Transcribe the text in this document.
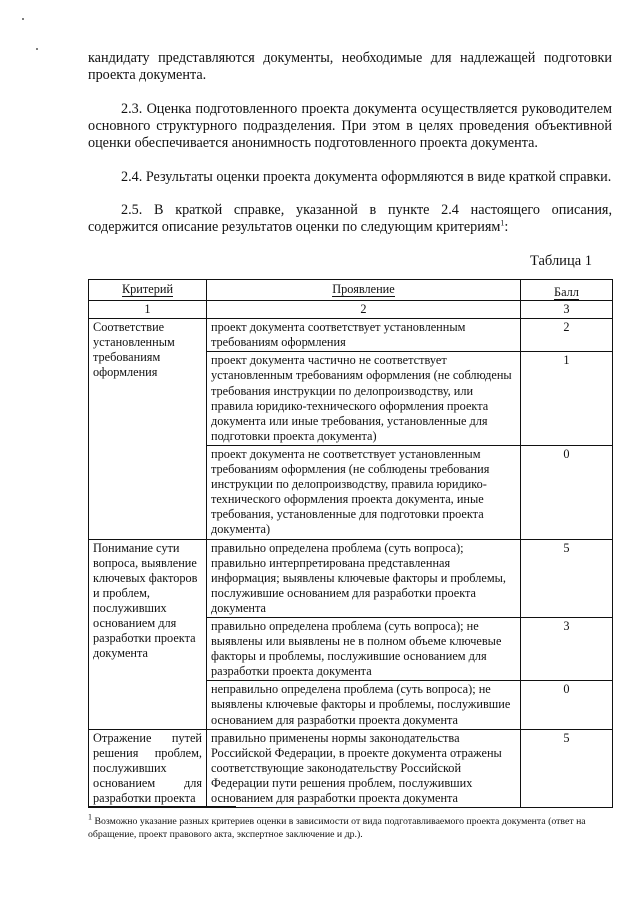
кандидату представляются документы, необходимые для надлежащей подготовки проекта документа.
2.3. Оценка подготовленного проекта документа осуществляется руководителем основного структурного подразделения. При этом в целях проведения объективной оценки обеспечивается анонимность подготовленного проекта документа.
2.4. Результаты оценки проекта документа оформляются в виде краткой справки.
2.5. В краткой справке, указанной в пункте 2.4 настоящего описания, содержится описание результатов оценки по следующим критериям$^1$:
Таблица 1
Критерий	Проявление	Балл
1	2	3
Соответствие установленным требованиям оформления	проект документа соответствует установленным требованиям оформления	2
	проект документа частично не соответствует установленным требованиям оформления (не соблюдены требования инструкции по делопроизводству, или правила юридико-технического оформления проекта документа или иные требования, установленные для подготовки проекта документа)	1
	проект документа не соответствует установленным требованиям оформления (не соблюдены требования инструкции по делопроизводству, правила юридико-технического оформления проекта документа, иные требования, установленные для подготовки проекта документа)	0
Понимание сути вопроса, выявление ключевых факторов и проблем, послуживших основанием для разработки проекта документа	правильно определена проблема (суть вопроса); правильно интерпретирована представленная информация; выявлены ключевые факторы и проблемы, послужившие основанием для разработки проекта документа	5
	правильно определена проблема (суть вопроса); не выявлены или выявлены не в полном объеме ключевые факторы и проблемы, послужившие основанием для разработки проекта документа	3
	неправильно определена проблема (суть вопроса); не выявлены ключевые факторы и проблемы, послужившие основанием для разработки проекта документа	0
Отражение путей решения проблем, послуживших основанием для разработки проекта	правильно применены нормы законодательства Российской Федерации, в проекте документа отражены соответствующие законодательству Российской Федерации пути решения проблем, послуживших основанием для разработки проекта документа	5
$^1$ Возможно указание разных критериев оценки в зависимости от вида подготавливаемого проекта документа (ответ на обращение, проект правового акта, экспертное заключение и др.).
